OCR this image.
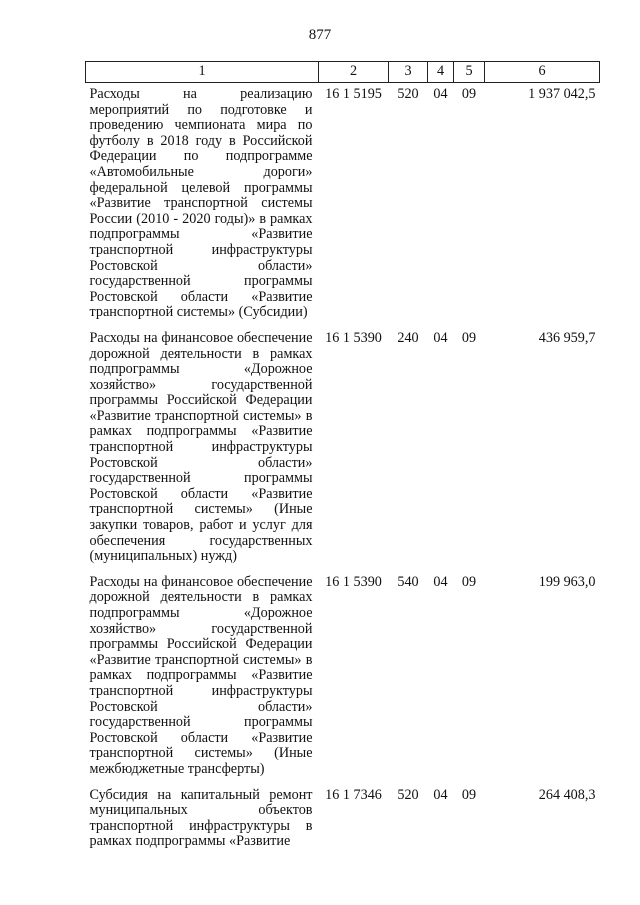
877
1	2	3	4	5	6
Расходы на реализацию мероприятий по подготовке и проведению чемпионата мира по футболу в 2018 году в Российской Федерации по подпрограмме «Автомобильные дороги» федеральной целевой программы «Развитие транспортной системы России (2010 - 2020 годы)» в рамках подпрограммы «Развитие транспортной инфраструктуры Ростовской области» государственной программы Ростовской области «Развитие транспортной системы» (Субсидии)	16 1 5195	520	04	09	1 937 042,5
Расходы на финансовое обеспечение дорожной деятельности в рамках подпрограммы «Дорожное хозяйство» государственной программы Российской Федерации «Развитие транспортной системы» в рамках подпрограммы «Развитие транспортной инфраструктуры Ростовской области» государственной программы Ростовской области «Развитие транспортной системы» (Иные закупки товаров, работ и услуг для обеспечения государственных (муниципальных) нужд)	16 1 5390	240	04	09	436 959,7
Расходы на финансовое обеспечение дорожной деятельности в рамках подпрограммы «Дорожное хозяйство» государственной программы Российской Федерации «Развитие транспортной системы» в рамках подпрограммы «Развитие транспортной инфраструктуры Ростовской области» государственной программы Ростовской области «Развитие транспортной системы» (Иные межбюджетные трансферты)	16 1 5390	540	04	09	199 963,0
Субсидия на капитальный ремонт муниципальных объектов транспортной инфраструктуры в рамках подпрограммы «Развитие	16 1 7346	520	04	09	264 408,3
